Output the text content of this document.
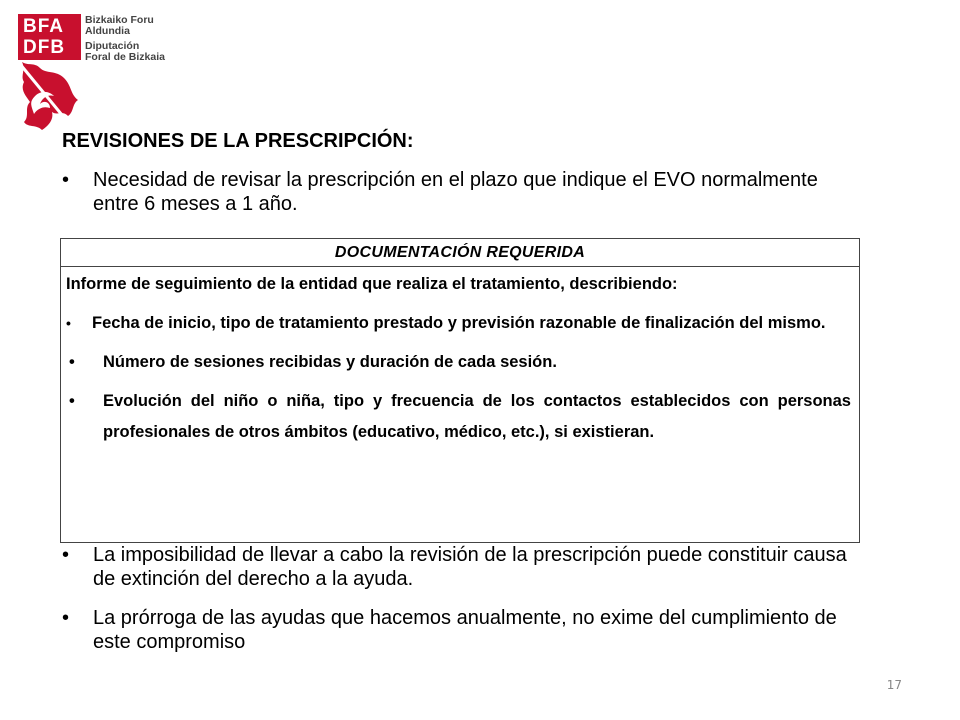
BFA
DFB
Bizkaiko Foru
Aldundia
Diputación
Foral de Bizkaia
REVISIONES DE LA PRESCRIPCIÓN:
• Necesidad de revisar la prescripción en el plazo que indique el EVO normalmente entre 6 meses a 1 año.
DOCUMENTACIÓN REQUERIDA

Informe de seguimiento de la entidad que realiza el tratamiento, describiendo:

• Fecha de inicio, tipo de tratamiento prestado y previsión razonable de finalización del mismo.

• Número de sesiones recibidas y duración de cada sesión.

• Evolución del niño o niña, tipo y frecuencia de los contactos establecidos con personas profesionales de otros ámbitos (educativo, médico, etc.), si existieran.

• La imposibilidad de llevar a cabo la revisión de la prescripción puede constituir causa de extinción del derecho a la ayuda.
• La prórroga de las ayudas que hacemos anualmente, no exime del cumplimiento de este compromiso
17
